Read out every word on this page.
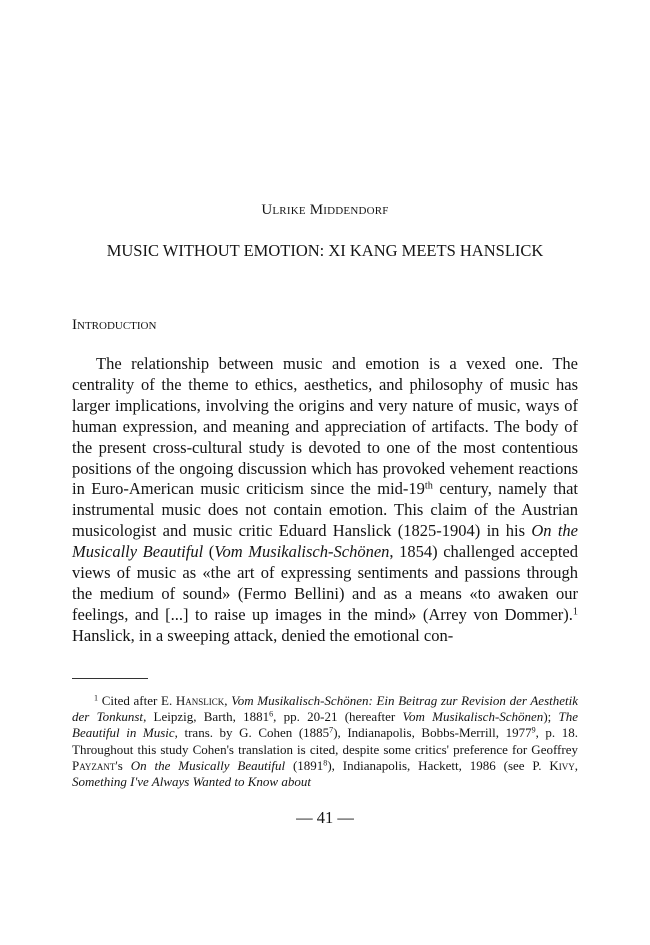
Ulrike Middendorf
MUSIC WITHOUT EMOTION: XI KANG MEETS HANSLICK
Introduction

The relationship between music and emotion is a vexed one. The centrality of the theme to ethics, aesthetics, and philosophy of music has larger implications, involving the origins and very nature of music, ways of human expression, and meaning and appreciation of artifacts. The body of the present cross-cultural study is devoted to one of the most contentious positions of the ongoing discussion which has provoked vehement reactions in Euro-American music criticism since the mid-19th century, namely that instrumental music does not contain emotion. This claim of the Austrian musicologist and music critic Eduard Hanslick (1825-1904) in his On the Musically Beautiful (Vom Musikalisch-Schönen, 1854) challenged accepted views of music as «the art of expressing sentiments and passions through the medium of sound» (Fermo Bellini) and as a means «to awaken our feelings, and [...] to raise up images in the mind» (Arrey von Dommer).$^1$ Hanslick, in a sweeping attack, denied the emotional con-

$^1$ Cited after E. Hanslick, Vom Musikalisch-Schönen: Ein Beitrag zur Revision der Aesthetik der Tonkunst, Leipzig, Barth, 1881$^6$, pp. 20-21 (hereafter Vom Musikalisch-Schönen); The Beautiful in Music, trans. by G. Cohen (1885$^7$), Indianapolis, Bobbs-Merrill, 1977$^9$, p. 18. Throughout this study Cohen's translation is cited, despite some critics' preference for Geoffrey Payzant's On the Musically Beautiful (1891$^8$), Indianapolis, Hackett, 1986 (see P. Kivy, Something I've Always Wanted to Know about
— 41 —
